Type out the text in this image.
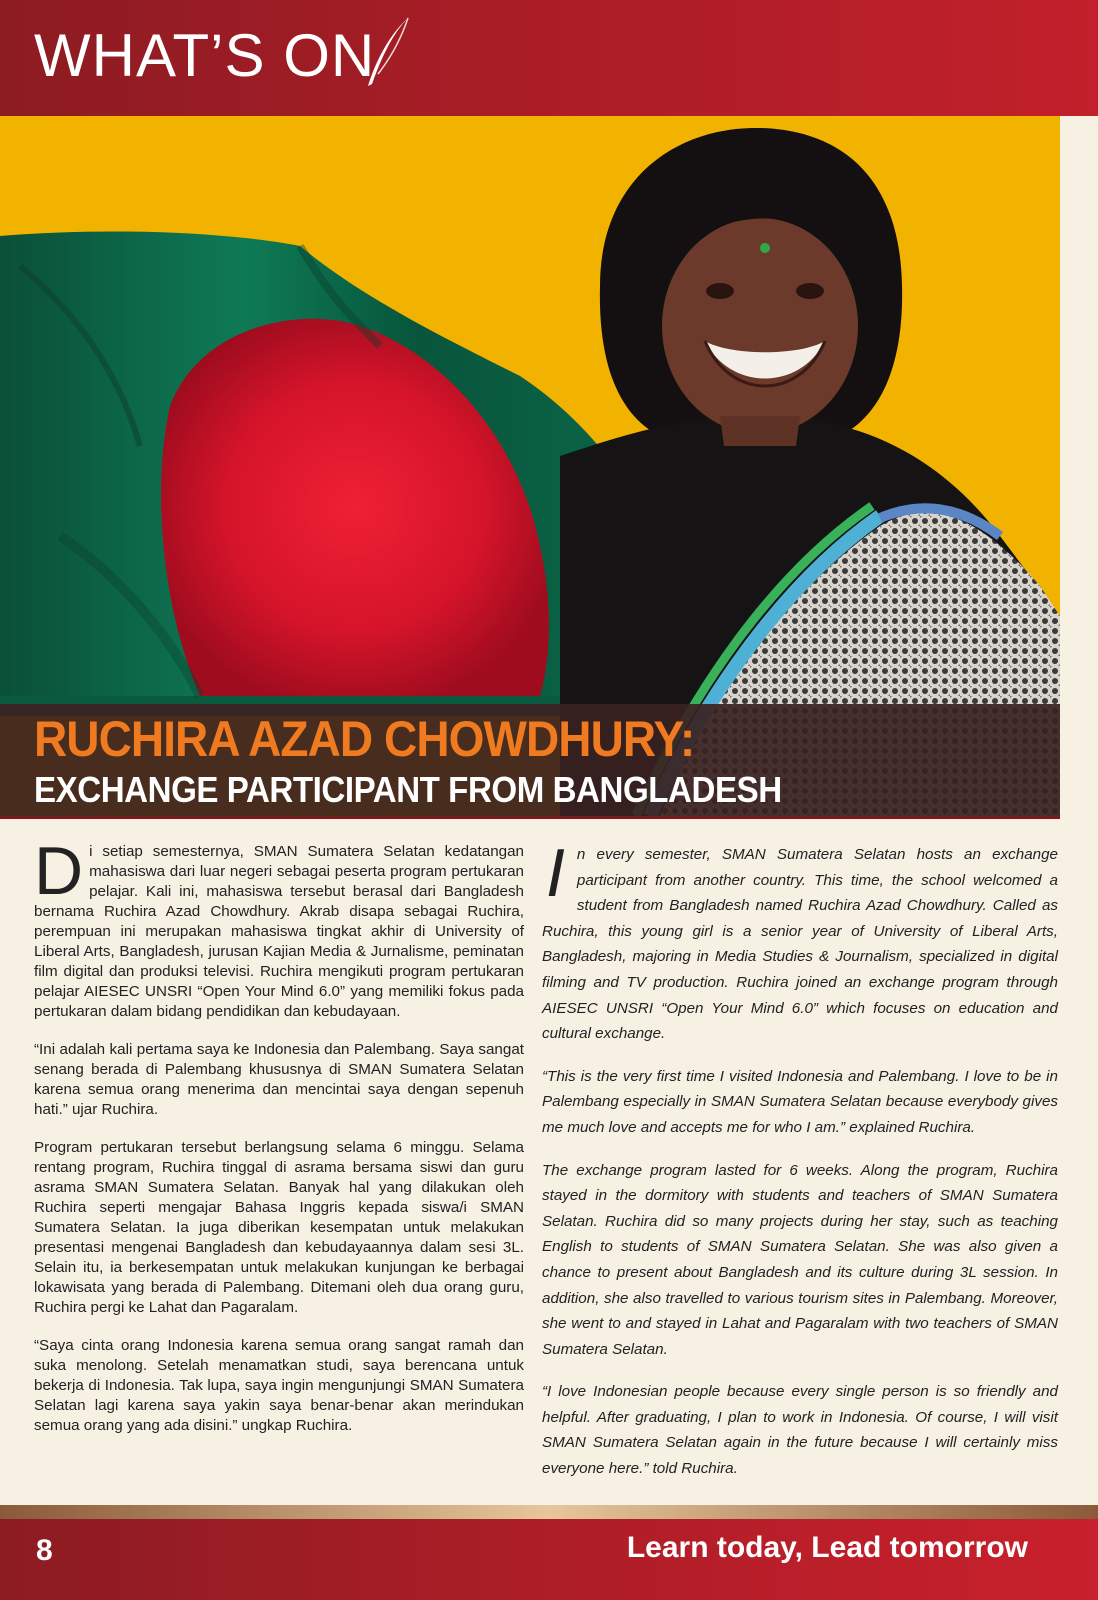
WHAT’S ON
RUCHIRA AZAD CHOWDHURY:
EXCHANGE PARTICIPANT FROM BANGLADESH

Di setiap semesternya, SMAN Sumatera Selatan kedatangan mahasiswa dari luar negeri sebagai peserta program pertukaran pelajar. Kali ini, mahasiswa tersebut berasal dari Bangladesh bernama Ruchira Azad Chowdhury. Akrab disapa sebagai Ruchira, perempuan ini merupakan mahasiswa tingkat akhir di University of Liberal Arts, Bangladesh, jurusan Kajian Media & Jurnalisme, peminatan film digital dan produksi televisi. Ruchira mengikuti program pertukaran pelajar AIESEC UNSRI “Open Your Mind 6.0” yang memiliki fokus pada pertukaran dalam bidang pendidikan dan kebudayaan.

“Ini adalah kali pertama saya ke Indonesia dan Palembang. Saya sangat senang berada di Palembang khususnya di SMAN Sumatera Selatan karena semua orang menerima dan mencintai saya dengan sepenuh hati.” ujar Ruchira.

Program pertukaran tersebut berlangsung selama 6 minggu. Selama rentang program, Ruchira tinggal di asrama bersama siswi dan guru asrama SMAN Sumatera Selatan. Banyak hal yang dilakukan oleh Ruchira seperti mengajar Bahasa Inggris kepada siswa/i SMAN Sumatera Selatan. Ia juga diberikan kesempatan untuk melakukan presentasi mengenai Bangladesh dan kebudayaannya dalam sesi 3L. Selain itu, ia berkesempatan untuk melakukan kunjungan ke berbagai lokawisata yang berada di Palembang. Ditemani oleh dua orang guru, Ruchira pergi ke Lahat dan Pagaralam.

“Saya cinta orang Indonesia karena semua orang sangat ramah dan suka menolong. Setelah menamatkan studi, saya berencana untuk bekerja di Indonesia. Tak lupa, saya ingin mengunjungi SMAN Sumatera Selatan lagi karena saya yakin saya benar-benar akan merindukan semua orang yang ada disini.” ungkap Ruchira.

In every semester, SMAN Sumatera Selatan hosts an exchange participant from another country. This time, the school welcomed a student from Bangladesh named Ruchira Azad Chowdhury. Called as Ruchira, this young girl is a senior year of University of Liberal Arts, Bangladesh, majoring in Media Studies & Journalism, specialized in digital filming and TV production. Ruchira joined an exchange program through AIESEC UNSRI “Open Your Mind 6.0” which focuses on education and cultural exchange.

“This is the very first time I visited Indonesia and Palembang. I love to be in Palembang especially in SMAN Sumatera Selatan because everybody gives me much love and accepts me for who I am.” explained Ruchira.

The exchange program lasted for 6 weeks. Along the program, Ruchira stayed in the dormitory with students and teachers of SMAN Sumatera Selatan. Ruchira did so many projects during her stay, such as teaching English to students of SMAN Sumatera Selatan. She was also given a chance to present about Bangladesh and its culture during 3L session. In addition, she also travelled to various tourism sites in Palembang. Moreover, she went to and stayed in Lahat and Pagaralam with two teachers of SMAN Sumatera Selatan.

“I love Indonesian people because every single person is so friendly and helpful. After graduating, I plan to work in Indonesia. Of course, I will visit SMAN Sumatera Selatan again in the future because I will certainly miss everyone here.” told Ruchira.

8	Learn today, Lead tomorrow
